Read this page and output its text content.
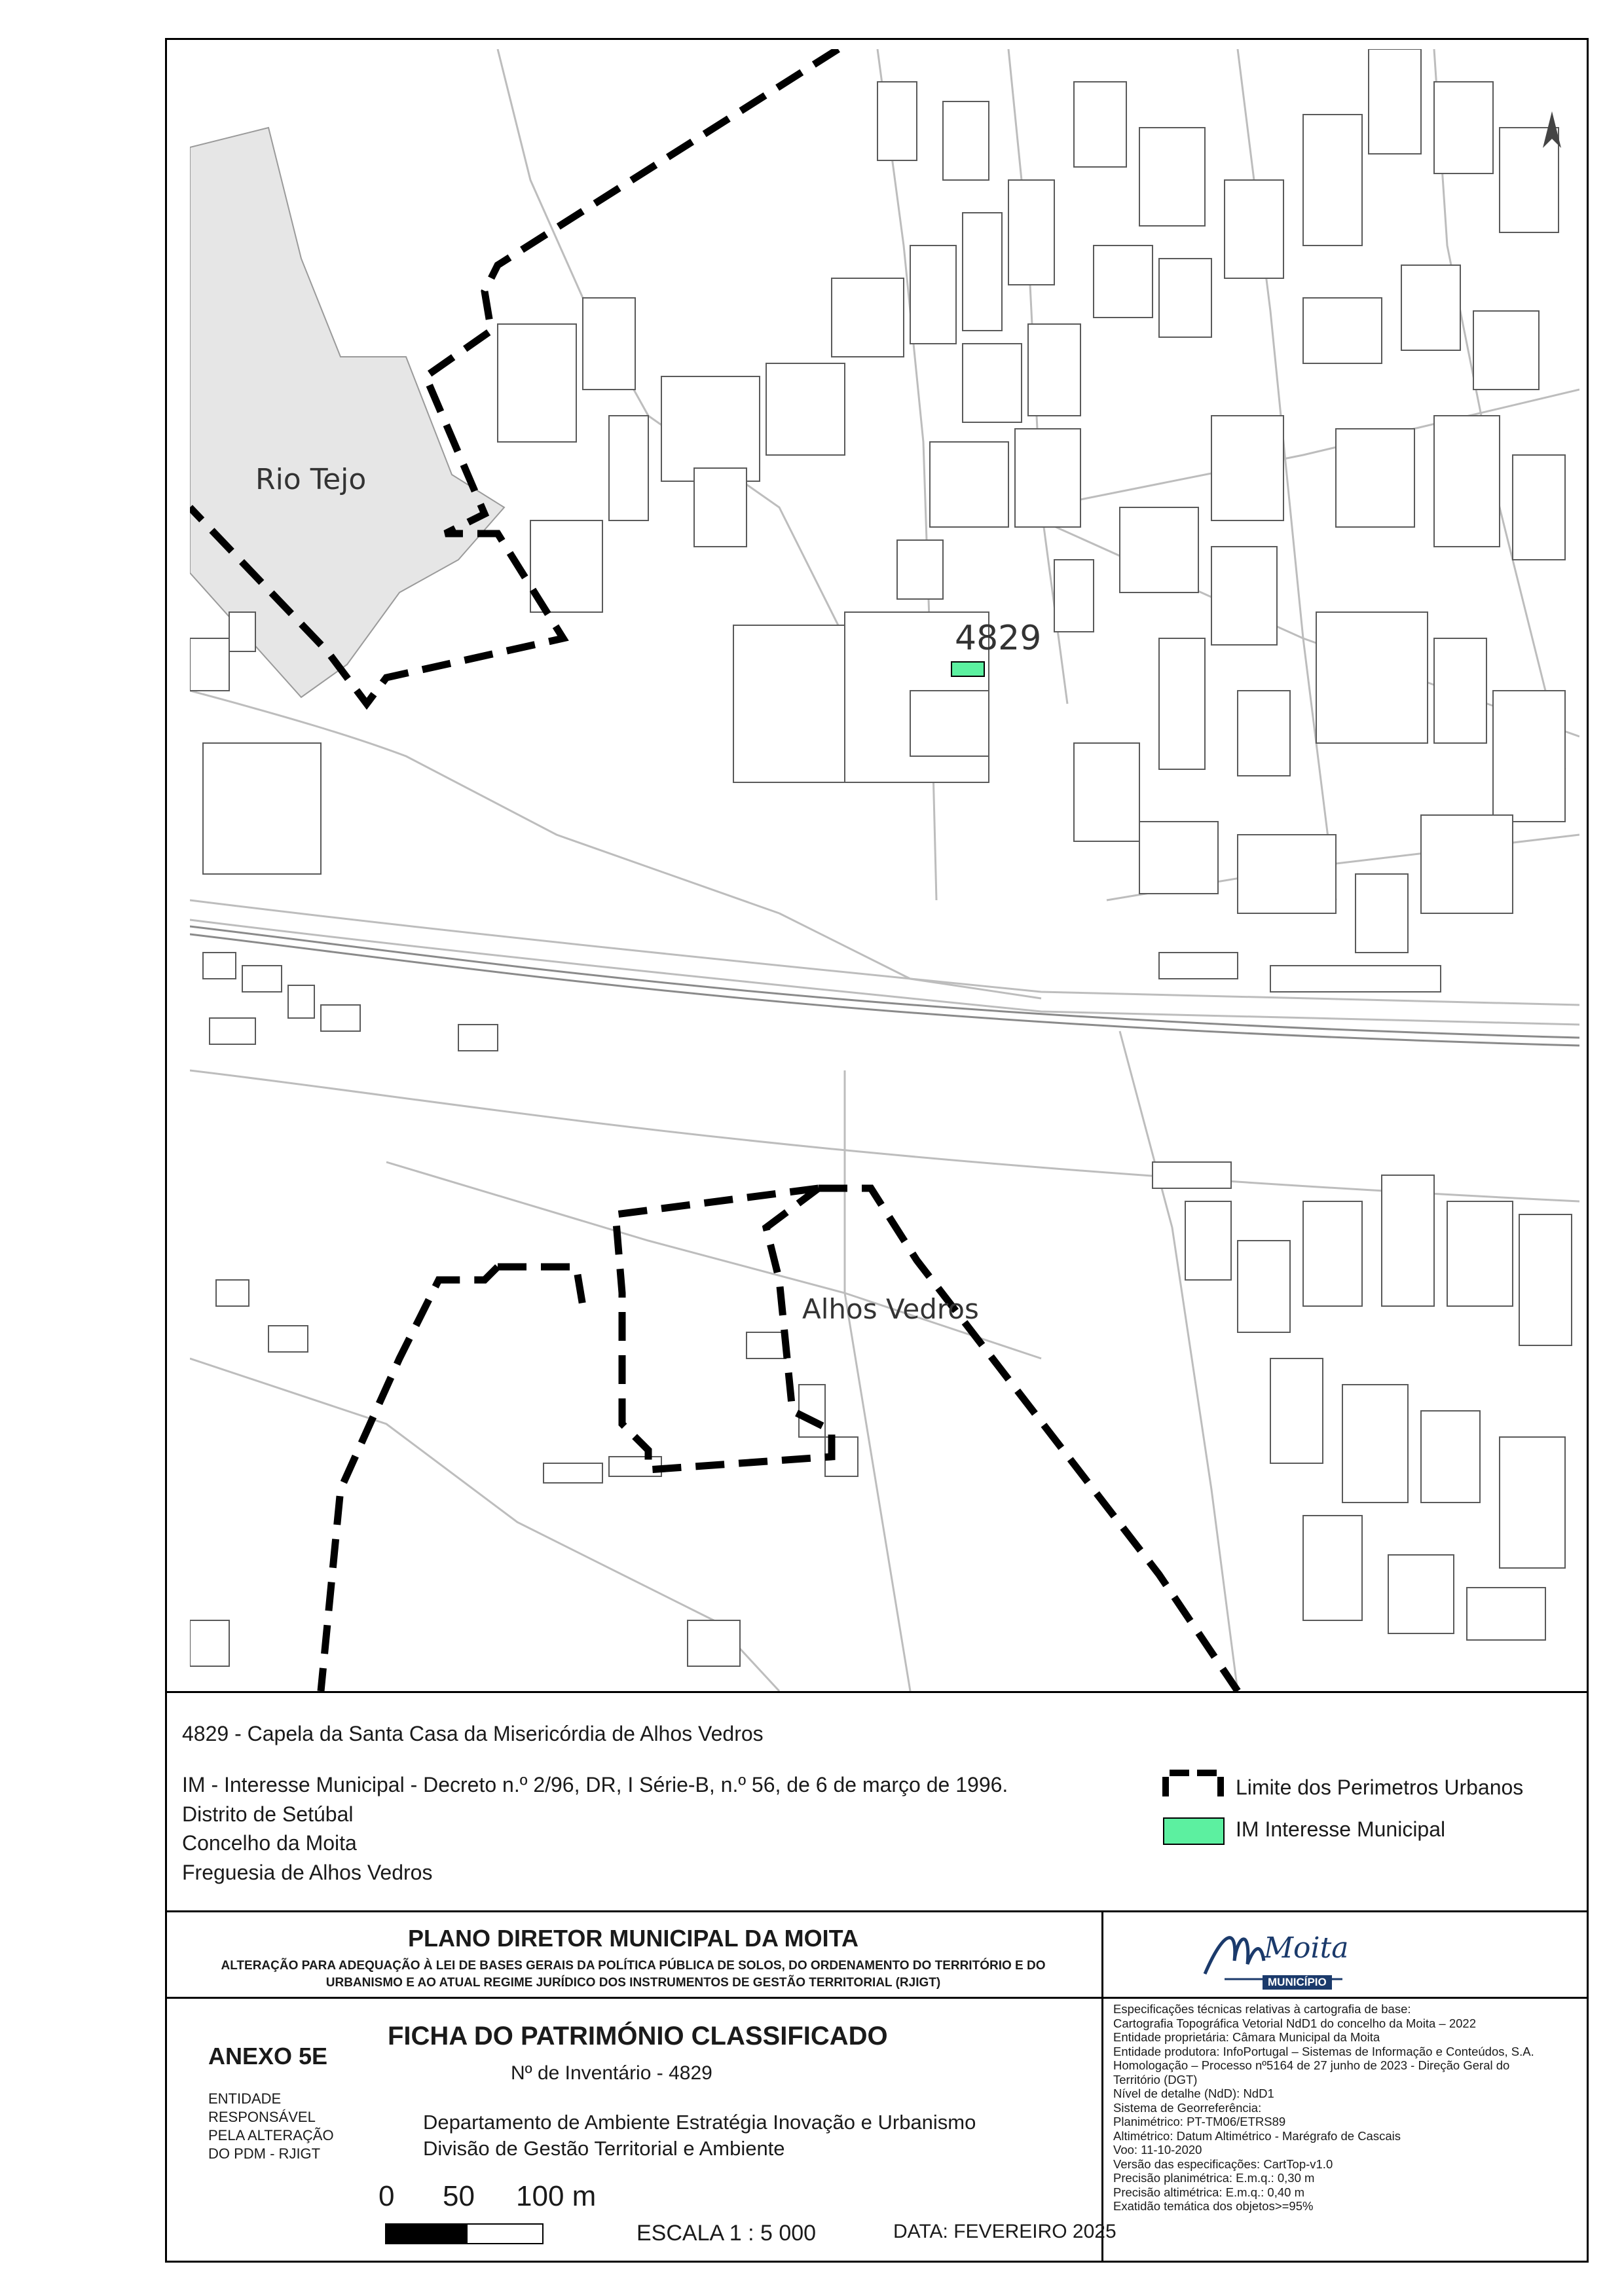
Rio Tejo
4829
Alhos Vedros
4829 - Capela da Santa Casa da Misericórdia de Alhos Vedros
IM - Interesse Municipal - Decreto n.º 2/96, DR, I Série-B, n.º 56, de 6 de março de 1996.
Distrito de Setúbal
Concelho da Moita
Freguesia de Alhos Vedros
Limite dos Perimetros Urbanos
IM Interesse Municipal
PLANO DIRETOR MUNICIPAL DA MOITA
ALTERAÇÃO PARA ADEQUAÇÃO À LEI DE BASES GERAIS DA POLÍTICA PÚBLICA DE SOLOS, DO ORDENAMENTO DO TERRITÓRIO E DO
URBANISMO E AO ATUAL REGIME JURÍDICO DOS INSTRUMENTOS DE GESTÃO TERRITORIAL (RJIGT)
Moita
MUNICÍPIO
ANEXO 5E
ENTIDADE
RESPONSÁVEL
PELA ALTERAÇÃO
DO PDM - RJIGT
FICHA DO PATRIMÓNIO CLASSIFICADO
Nº de Inventário - 4829
Departamento de Ambiente Estratégia Inovação e Urbanismo
Divisão de Gestão Territorial e Ambiente
0 50 100 m
ESCALA 1 : 5 000	DATA: FEVEREIRO 2025
Especificações técnicas relativas à cartografia de base:
Cartografia Topográfica Vetorial NdD1 do concelho da Moita – 2022
Entidade proprietária: Câmara Municipal da Moita
Entidade produtora: InfoPortugal – Sistemas de Informação e Conteúdos, S.A.
Homologação – Processo nº5164 de 27 junho de 2023 - Direção Geral do
Território (DGT)
Nível de detalhe (NdD): NdD1
Sistema de Georreferência:
Planimétrico: PT-TM06/ETRS89
Altimétrico: Datum Altimétrico - Marégrafo de Cascais
Voo: 11-10-2020
Versão das especificações: CartTop-v1.0
Precisão planimétrica: E.m.q.: 0,30 m
Precisão altimétrica: E.m.q.: 0,40 m
Exatidão temática dos objetos>=95%
